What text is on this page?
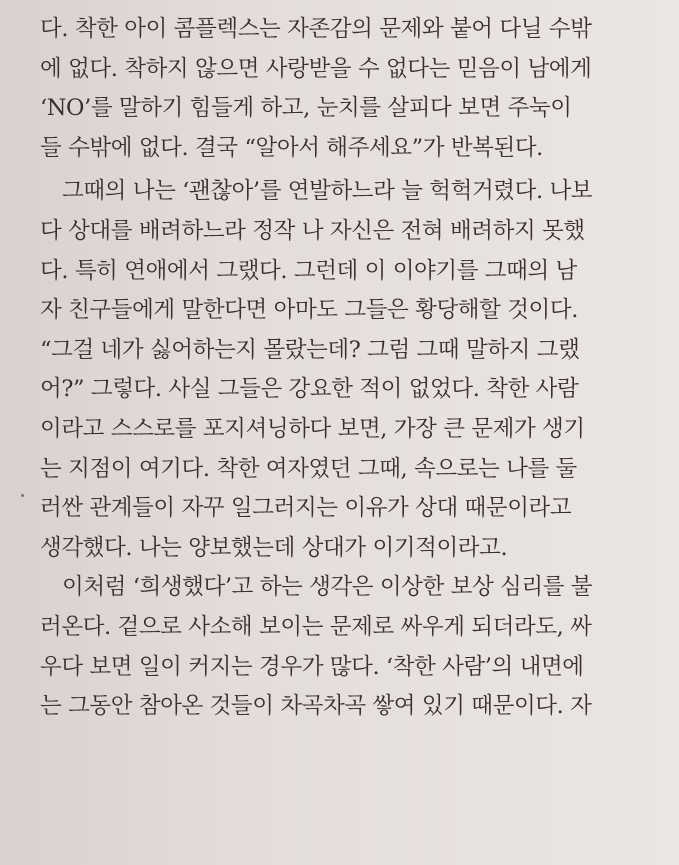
다. 착한 아이 콤플렉스는 자존감의 문제와 붙어 다닐 수밖
에 없다. 착하지 않으면 사랑받을 수 없다는 믿음이 남에게
‘NO’를 말하기 힘들게 하고, 눈치를 살피다 보면 주눅이
들 수밖에 없다. 결국 “알아서 해주세요”가 반복된다.
그때의 나는 ‘괜찮아’를 연발하느라 늘 헉헉거렸다. 나보
다 상대를 배려하느라 정작 나 자신은 전혀 배려하지 못했
다. 특히 연애에서 그랬다. 그런데 이 이야기를 그때의 남
자 친구들에게 말한다면 아마도 그들은 황당해할 것이다.
“그걸 네가 싫어하는지 몰랐는데? 그럼 그때 말하지 그랬
어?” 그렇다. 사실 그들은 강요한 적이 없었다. 착한 사람
이라고 스스로를 포지셔닝하다 보면, 가장 큰 문제가 생기
는 지점이 여기다. 착한 여자였던 그때, 속으로는 나를 둘
러싼 관계들이 자꾸 일그러지는 이유가 상대 때문이라고
생각했다. 나는 양보했는데 상대가 이기적이라고.
이처럼 ‘희생했다’고 하는 생각은 이상한 보상 심리를 불
러온다. 겉으로 사소해 보이는 문제로 싸우게 되더라도, 싸
우다 보면 일이 커지는 경우가 많다. ‘착한 사람’의 내면에
는 그동안 참아온 것들이 차곡차곡 쌓여 있기 때문이다. 자
